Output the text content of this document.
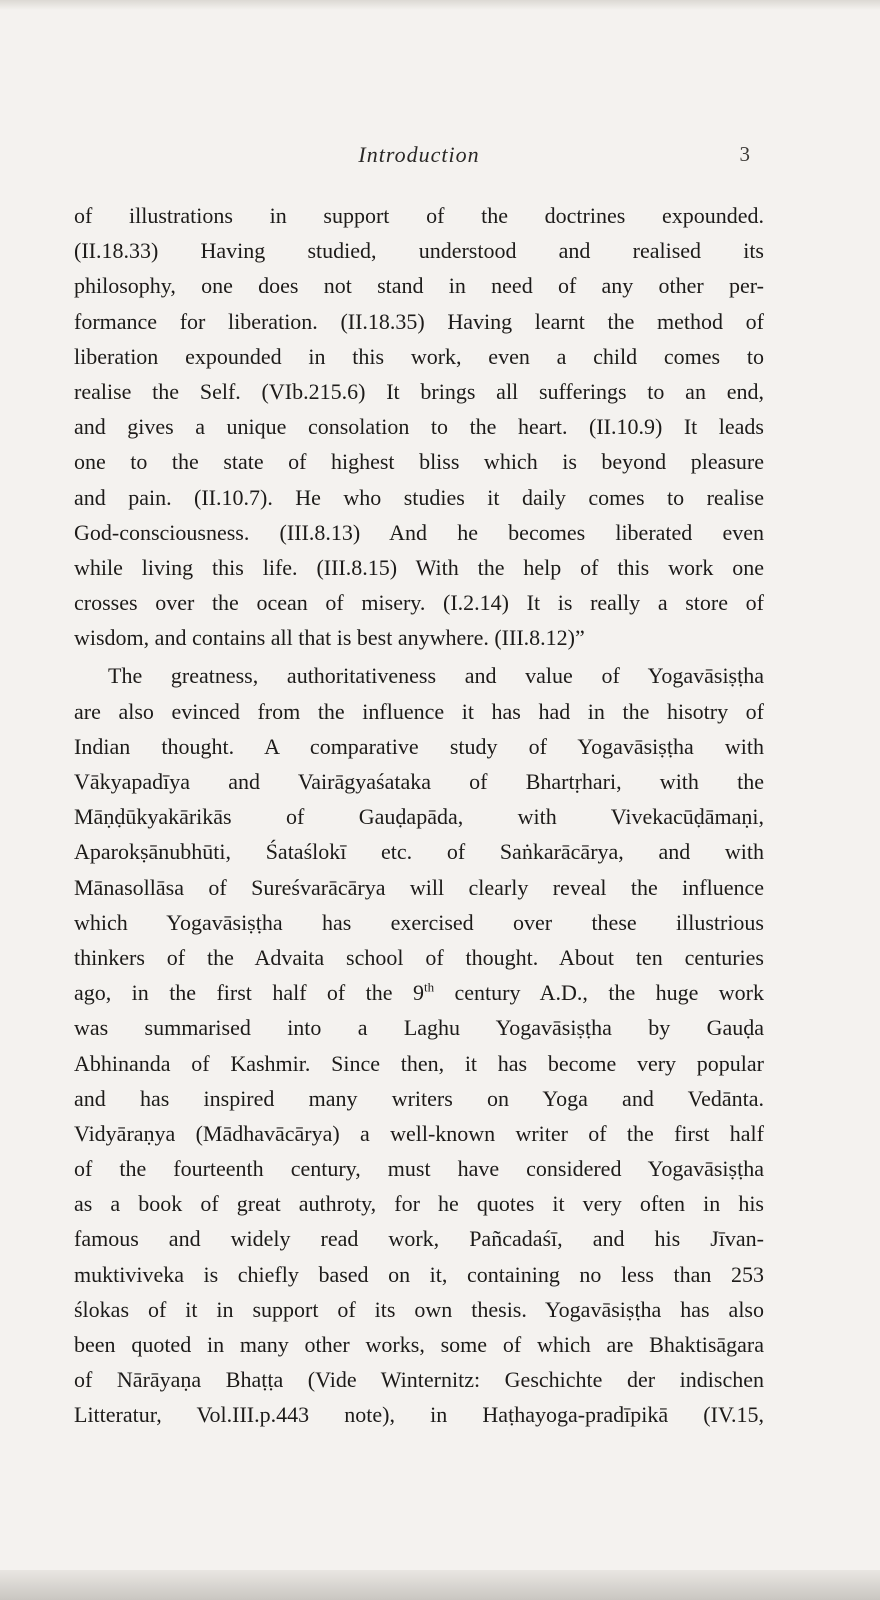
Introduction	3
of illustrations in support of the doctrines expounded.
(II.18.33) Having studied, understood and realised its
philosophy, one does not stand in need of any other per-
formance for liberation. (II.18.35) Having learnt the method of
liberation expounded in this work, even a child comes to
realise the Self. (VIb.215.6) It brings all sufferings to an end,
and gives a unique consolation to the heart. (II.10.9) It leads
one to the state of highest bliss which is beyond pleasure
and pain. (II.10.7). He who studies it daily comes to realise
God-consciousness. (III.8.13) And he becomes liberated even
while living this life. (III.8.15) With the help of this work one
crosses over the ocean of misery. (I.2.14) It is really a store of
wisdom, and contains all that is best anywhere. (III.8.12)”
The greatness, authoritativeness and value of Yogavāsiṣṭha
are also evinced from the influence it has had in the hisotry of
Indian thought. A comparative study of Yogavāsiṣṭha with
Vākyapadīya and Vairāgyaśataka of Bhartṛhari, with the
Māṇḍūkyakārikās of Gauḍapāda, with Vivekacūḍāmaṇi,
Aparokṣānubhūti, Śataślokī etc. of Saṅkarācārya, and with
Mānasollāsa of Sureśvarācārya will clearly reveal the influence
which Yogavāsiṣṭha has exercised over these illustrious
thinkers of the Advaita school of thought. About ten centuries
ago, in the first half of the 9th century A.D., the huge work
was summarised into a Laghu Yogavāsiṣṭha by Gauḍa
Abhinanda of Kashmir. Since then, it has become very popular
and has inspired many writers on Yoga and Vedānta.
Vidyāraṇya (Mādhavācārya) a well-known writer of the first half
of the fourteenth century, must have considered Yogavāsiṣṭha
as a book of great authroty, for he quotes it very often in his
famous and widely read work, Pañcadaśī, and his Jīvan-
muktiviveka is chiefly based on it, containing no less than 253
ślokas of it in support of its own thesis. Yogavāsiṣṭha has also
been quoted in many other works, some of which are Bhaktisāgara
of Nārāyaṇa Bhaṭṭa (Vide Winternitz: Geschichte der indischen
Litteratur, Vol.III.p.443 note), in Haṭhayoga-pradīpikā (IV.15,
